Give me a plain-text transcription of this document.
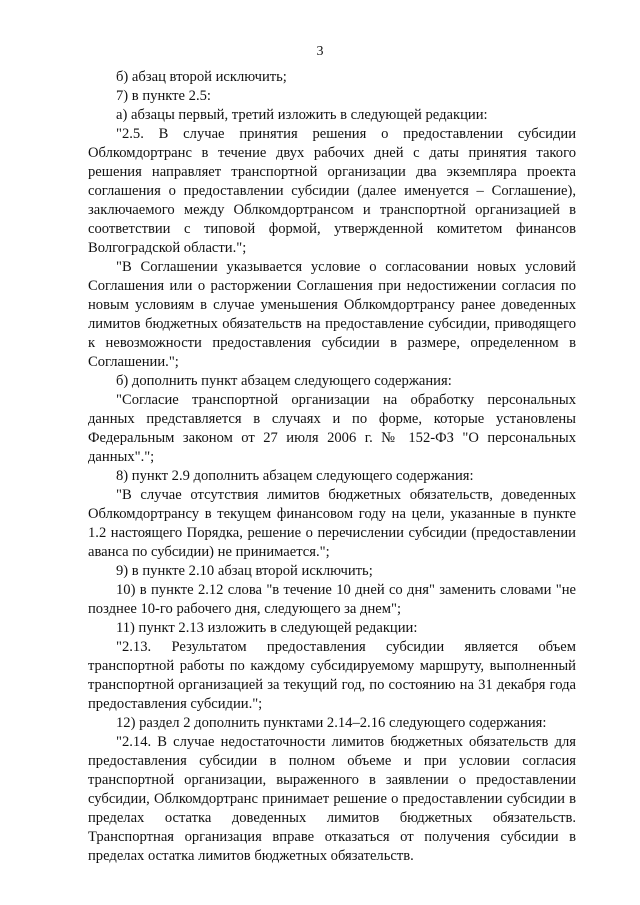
3

б) абзац второй исключить;

7) в пункте 2.5:

а) абзацы первый, третий изложить в следующей редакции:

"2.5. В случае принятия решения о предоставлении субсидии Облкомдортранс в течение двух рабочих дней с даты принятия такого решения направляет транспортной организации два экземпляра проекта соглашения о предоставлении субсидии (далее именуется – Соглашение), заключаемого между Облкомдортрансом и транспортной организацией в соответствии с типовой формой, утвержденной комитетом финансов Волгоградской области.";

"В Соглашении указывается условие о согласовании новых условий Соглашения или о расторжении Соглашения при недостижении согласия по новым условиям в случае уменьшения Облкомдортрансу ранее доведенных лимитов бюджетных обязательств на предоставление субсидии, приводящего к невозможности предоставления субсидии в размере, определенном в Соглашении.";

б) дополнить пункт абзацем следующего содержания:

"Согласие транспортной организации на обработку персональных данных представляется в случаях и по форме, которые установлены Федеральным законом от 27 июля 2006 г. № 152-ФЗ "О персональных данных".";

8) пункт 2.9 дополнить абзацем следующего содержания:

"В случае отсутствия лимитов бюджетных обязательств, доведенных Облкомдортрансу в текущем финансовом году на цели, указанные в пункте 1.2 настоящего Порядка, решение о перечислении субсидии (предоставлении аванса по субсидии) не принимается.";

9) в пункте 2.10 абзац второй исключить;

10) в пункте 2.12 слова "в течение 10 дней со дня" заменить словами "не позднее 10-го рабочего дня, следующего за днем";

11) пункт 2.13 изложить в следующей редакции:

"2.13. Результатом предоставления субсидии является объем транспортной работы по каждому субсидируемому маршруту, выполненный транспортной организацией за текущий год, по состоянию на 31 декабря года предоставления субсидии.";

12) раздел 2 дополнить пунктами 2.14–2.16 следующего содержания:

"2.14. В случае недостаточности лимитов бюджетных обязательств для предоставления субсидии в полном объеме и при условии согласия транспортной организации, выраженного в заявлении о предоставлении субсидии, Облкомдортранс принимает решение о предоставлении субсидии в пределах остатка доведенных лимитов бюджетных обязательств. Транспортная организация вправе отказаться от получения субсидии в пределах остатка лимитов бюджетных обязательств.
